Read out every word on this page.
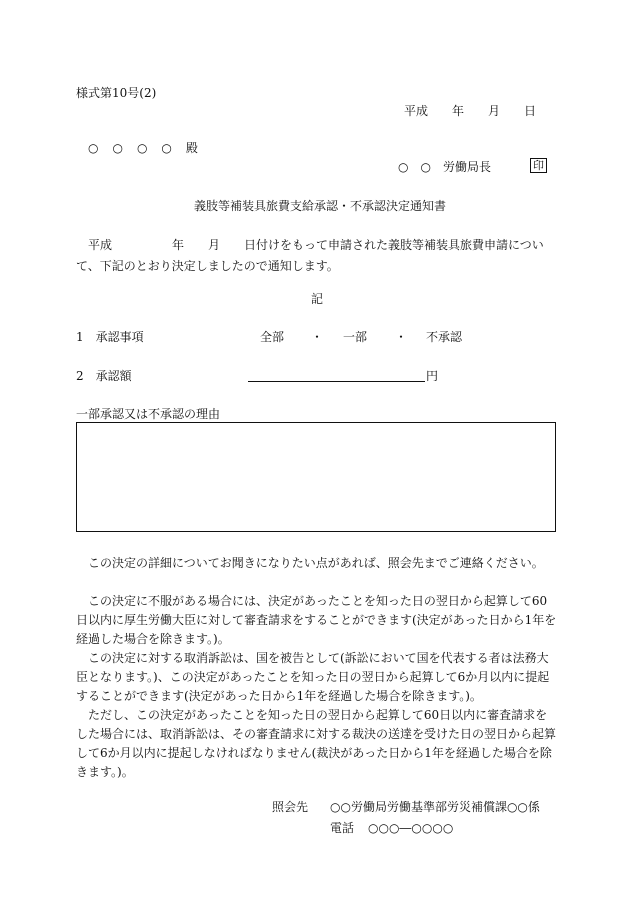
様式第10号(2)
平成　　年　　月　　日
○　○　○　○　殿
○　○　労働局長	印
義肢等補装具旅費支給承認・不承認決定通知書
　平成　　　　　年　　月　　日付けをもって申請された義肢等補装具旅費申請について、下記のとおり決定しましたので通知します。
記
1　承認事項	全部 ・ 一部 ・ 不承認
2　承認額	円
一部承認又は不承認の理由
この決定の詳細についてお聞きになりたい点があれば、照会先までご連絡ください。
この決定に不服がある場合には、決定があったことを知った日の翌日から起算して60日以内に厚生労働大臣に対して審査請求をすることができます(決定があった日から1年を経過した場合を除きます。)。
この決定に対する取消訴訟は、国を被告として(訴訟において国を代表する者は法務大臣となります。)、この決定があったことを知った日の翌日から起算して6か月以内に提起することができます(決定があった日から1年を経過した場合を除きます。)。
ただし、この決定があったことを知った日の翌日から起算して60日以内に審査請求をした場合には、取消訴訟は、その審査請求に対する裁決の送達を受けた日の翌日から起算して6か月以内に提起しなければなりません(裁決があった日から1年を経過した場合を除きます。)。
照会先 ○○労働局労働基準部労災補償課○○係
電話 ○○○―○○○○
